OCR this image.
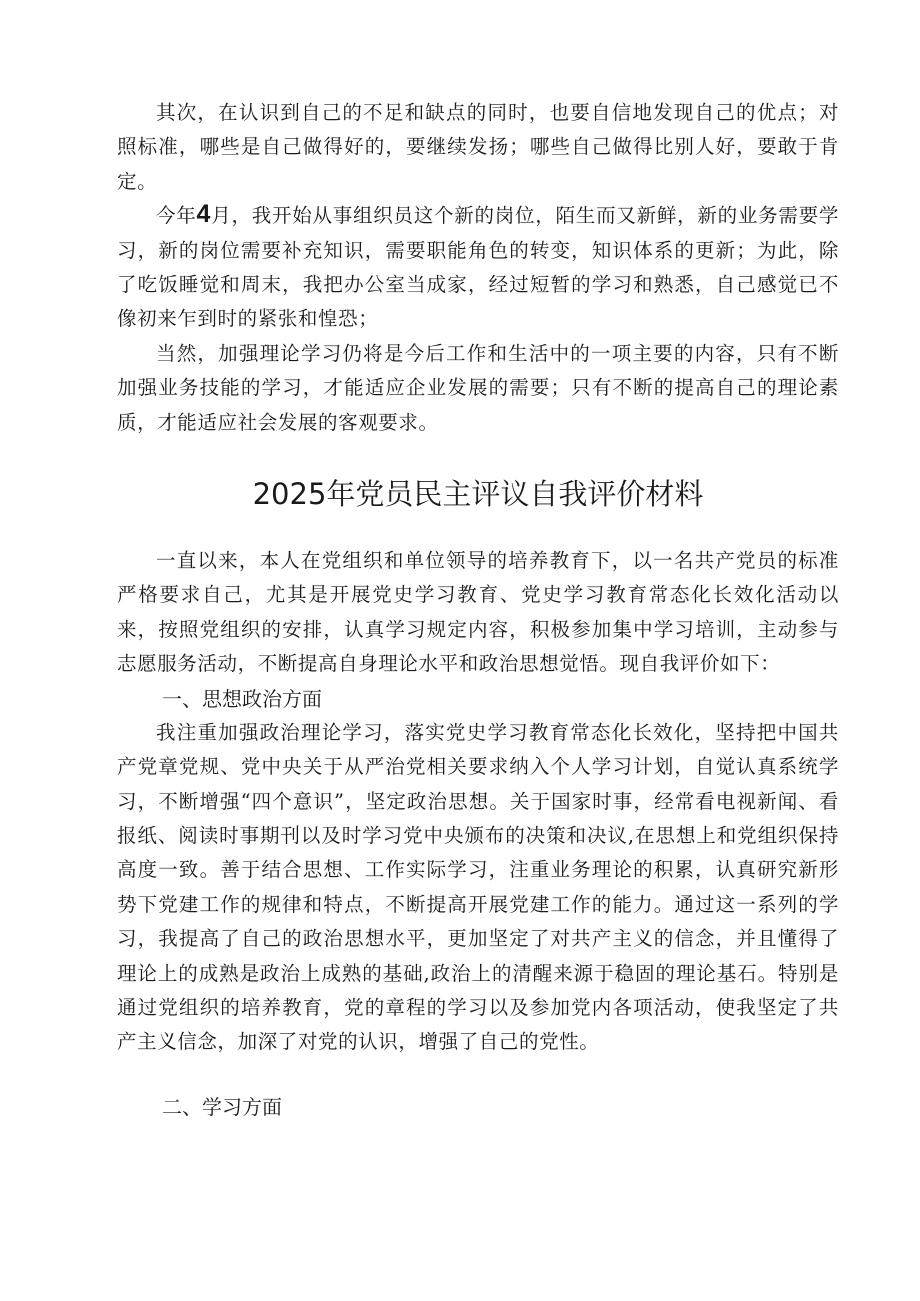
其次，在认识到自己的不足和缺点的同时，也要自信地发现自己的优点；对照标准，哪些是自己做得好的，要继续发扬；哪些自己做得比别人好，要敢于肯定。

今年4月，我开始从事组织员这个新的岗位，陌生而又新鲜，新的业务需要学习，新的岗位需要补充知识，需要职能角色的转变，知识体系的更新；为此，除了吃饭睡觉和周末，我把办公室当成家，经过短暂的学习和熟悉，自己感觉已不像初来乍到时的紧张和惶恐；

当然，加强理论学习仍将是今后工作和生活中的一项主要的内容，只有不断加强业务技能的学习，才能适应企业发展的需要；只有不断的提高自己的理论素质，才能适应社会发展的客观要求。

2025年党员民主评议自我评价材料

一直以来，本人在党组织和单位领导的培养教育下，以一名共产党员的标准严格要求自己，尤其是开展党史学习教育、党史学习教育常态化长效化活动以来，按照党组织的安排，认真学习规定内容，积极参加集中学习培训，主动参与志愿服务活动，不断提高自身理论水平和政治思想觉悟。现自我评价如下：

一、思想政治方面

我注重加强政治理论学习，落实党史学习教育常态化长效化，坚持把中国共产党章党规、党中央关于从严治党相关要求纳入个人学习计划，自觉认真系统学习，不断增强“四个意识”，坚定政治思想。关于国家时事，经常看电视新闻、看报纸、阅读时事期刊以及时学习党中央颁布的决策和决议,在思想上和党组织保持高度一致。善于结合思想、工作实际学习，注重业务理论的积累，认真研究新形势下党建工作的规律和特点，不断提高开展党建工作的能力。通过这一系列的学习，我提高了自己的政治思想水平，更加坚定了对共产主义的信念，并且懂得了理论上的成熟是政治上成熟的基础,政治上的清醒来源于稳固的理论基石。特别是通过党组织的培养教育，党的章程的学习以及参加党内各项活动，使我坚定了共产主义信念，加深了对党的认识，增强了自己的党性。

二、学习方面
